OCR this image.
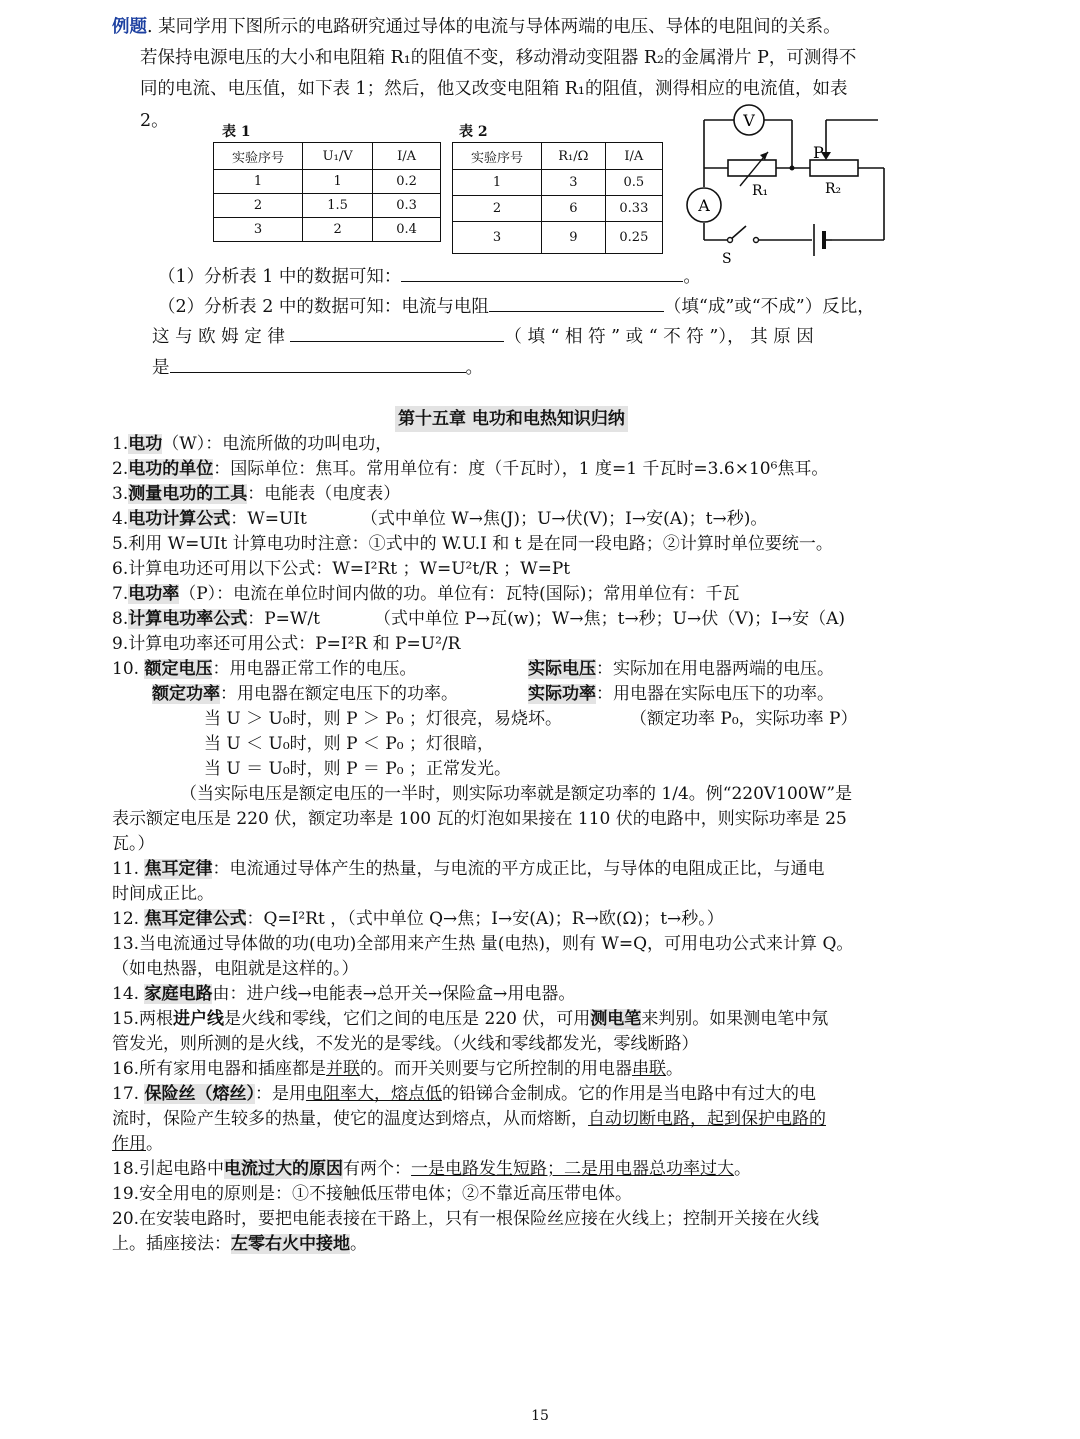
例题. 某同学用下图所示的电路研究通过导体的电流与导体两端的电压、导体的电阻间的关系。
若保持电源电压的大小和电阻箱 R₁的阻值不变，移动滑动变阻器 R₂的金属滑片 P，可测得不
同的电流、电压值，如下表 1；然后，他又改变电阻箱 R₁的阻值，测得相应的电流值，如表
2。
表 1
实验序号	U₁/V	I/A
1	1	0.2
2	1.5	0.3
3	2	0.4
表 2
实验序号	R₁/Ω	I/A
1	3	0.5
2	6	0.33
3	9	0.25
V
A
P
R₁	R₂
S
（1）分析表 1 中的数据可知：	。
（2）分析表 2 中的数据可知：电流与电阻	（填“成”或“不成”）反比，
这 与 欧 姆 定 律	（ 填 “ 相 符 ” 或 “ 不 符 ”）， 其 原 因
是	。
第十五章 电功和电热知识归纳
1.电功（W）：电流所做的功叫电功，
2.电功的单位：国际单位：焦耳。常用单位有：度（千瓦时），1 度=1 千瓦时=3.6×10⁶焦耳。
3.测量电功的工具：电能表（电度表）
4.电功计算公式：W=UIt          （式中单位 W→焦(J)；U→伏(V)；I→安(A)；t→秒)。
5.利用 W=UIt 计算电功时注意：①式中的 W.U.I 和 t 是在同一段电路；②计算时单位要统一。
6.计算电功还可用以下公式：W=I²Rt ；W=U²t/R ；W=Pt
7.电功率（P）：电流在单位时间内做的功。单位有：瓦特(国际)；常用单位有：千瓦
8.计算电功率公式：P=W/t          （式中单位 P→瓦(w)；W→焦；t→秒；U→伏（V)；I→安（A)
9.计算电功率还可用公式：P=I²R 和 P=U²/R
10. 额定电压：用电器正常工作的电压。	实际电压：实际加在用电器两端的电压。
额定功率：用电器在额定电压下的功率。	实际功率：用电器在实际电压下的功率。
当 U ＞ U₀时，则 P ＞ P₀ ；灯很亮，易烧坏。	（额定功率 P₀，实际功率 P）
当 U ＜ U₀时，则 P ＜ P₀ ；灯很暗，
当 U ＝ U₀时，则 P ＝ P₀ ；正常发光。
（当实际电压是额定电压的一半时，则实际功率就是额定功率的 1/4。例“220V100W”是
表示额定电压是 220 伏，额定功率是 100 瓦的灯泡如果接在 110 伏的电路中，则实际功率是 25
瓦。）
11. 焦耳定律：电流通过导体产生的热量，与电流的平方成正比，与导体的电阻成正比，与通电
时间成正比。
12. 焦耳定律公式：Q=I²Rt ，（式中单位 Q→焦；I→安(A)；R→欧(Ω)；t→秒。）
13.当电流通过导体做的功(电功)全部用来产生热 量(电热)，则有 W=Q，可用电功公式来计算 Q。
（如电热器，电阻就是这样的。）
14. 家庭电路由：进户线→电能表→总开关→保险盒→用电器。
15.两根进户线是火线和零线，它们之间的电压是 220 伏，可用测电笔来判别。如果测电笔中氖
管发光，则所测的是火线，不发光的是零线。（火线和零线都发光，零线断路）
16.所有家用电器和插座都是并联的。而开关则要与它所控制的用电器串联。
17. 保险丝（熔丝）：是用电阻率大，熔点低的铅锑合金制成。它的作用是当电路中有过大的电
流时，保险产生较多的热量，使它的温度达到熔点，从而熔断，自动切断电路，起到保护电路的
作用。
18.引起电路中电流过大的原因有两个：一是电路发生短路；二是用电器总功率过大。
19.安全用电的原则是：①不接触低压带电体；②不靠近高压带电体。
20.在安装电路时，要把电能表接在干路上，只有一根保险丝应接在火线上；控制开关接在火线
上。插座接法：左零右火中接地。
15
